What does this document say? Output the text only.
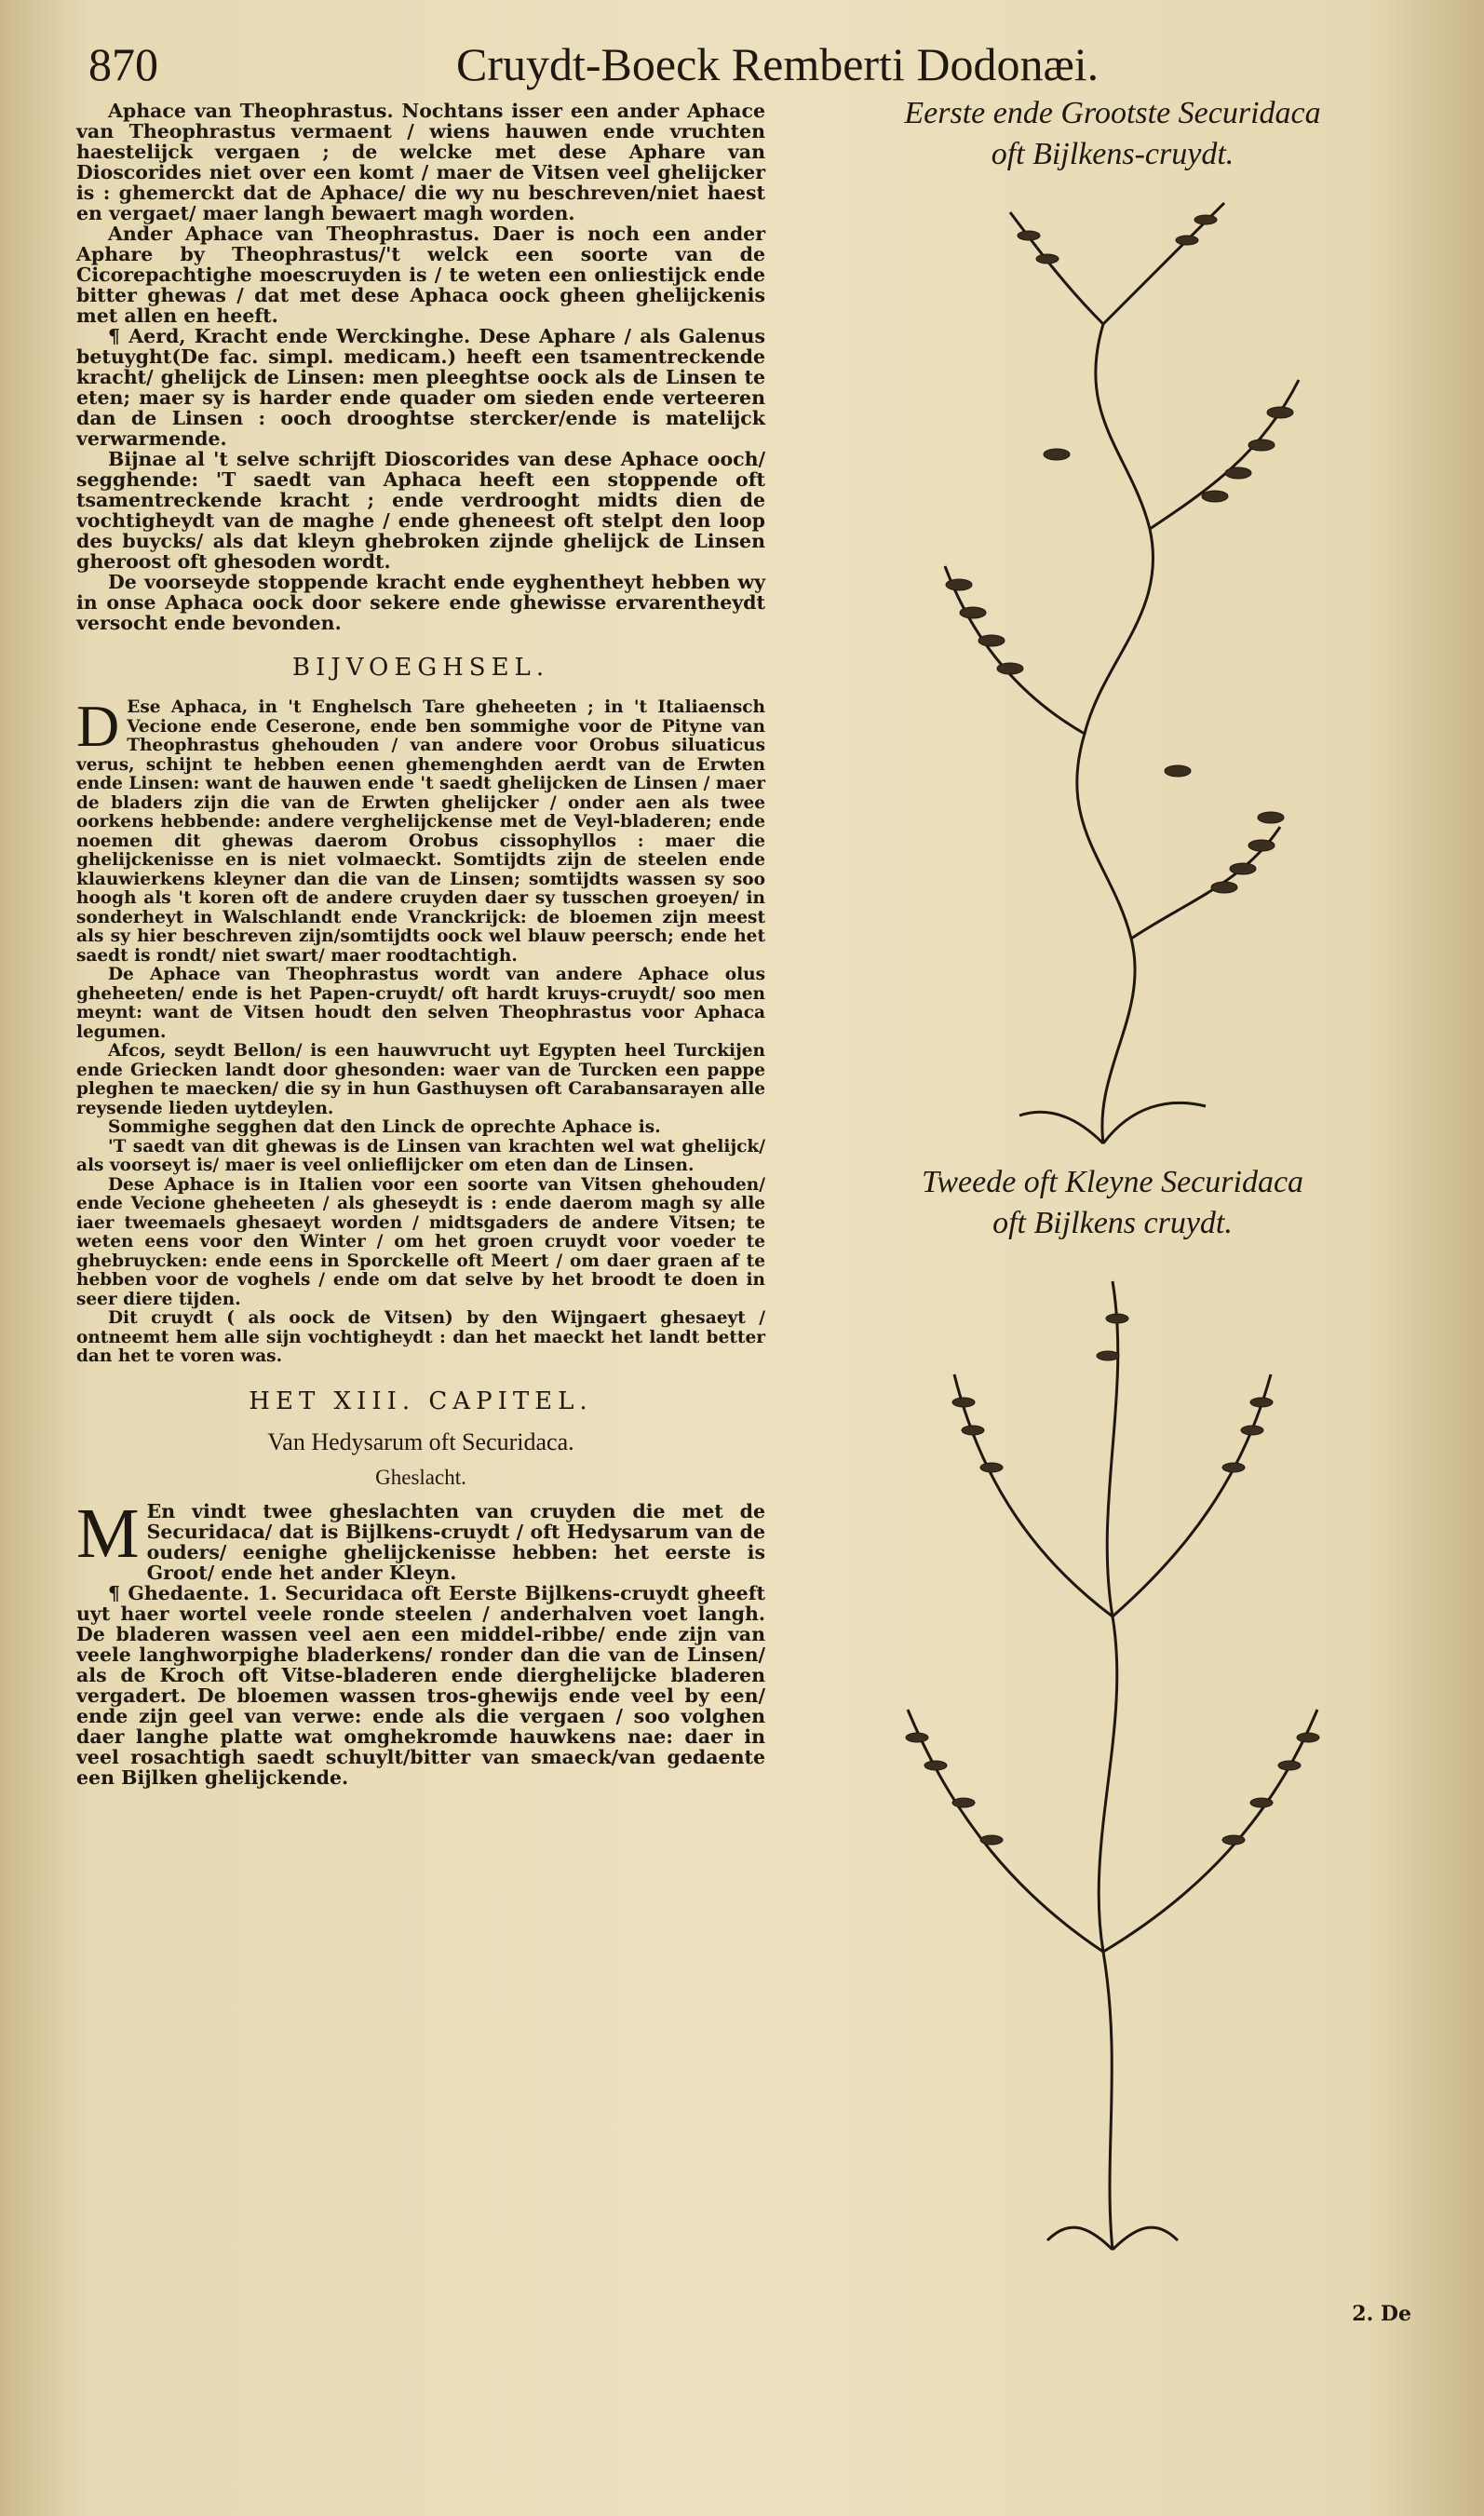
870	Cruydt-Boeck Remberti Dodonæi.

Aphace van Theophrastus. Nochtans isser een ander Aphace van Theophrastus vermaent / wiens hauwen ende vruchten haestelijck vergaen ; de welcke met dese Aphare van Dioscorides niet over een komt / maer de Vitsen veel ghelijcker is : ghemerckt dat de Aphace/ die wy nu beschreven/niet haest en vergaet/ maer langh bewaert magh worden.

Ander Aphace van Theophrastus. Daer is noch een ander Aphare by Theophrastus/'t welck een soorte van de Cicorepachtighe moescruyden is / te weten een onliestijck ende bitter ghewas / dat met dese Aphaca oock gheen ghelijckenis met allen en heeft.

¶ Aerd, Kracht ende Werckinghe. Dese Aphare / als Galenus betuyght(De fac. simpl. medicam.) heeft een tsamentreckende kracht/ ghelijck de Linsen: men pleeghtse oock als de Linsen te eten; maer sy is harder ende quader om sieden ende verteeren dan de Linsen : ooch drooghtse stercker/ende is matelijck verwarmende.

Bijnae al 't selve schrijft Dioscorides van dese Aphace ooch/ segghende: 'T saedt van Aphaca heeft een stoppende oft tsamentreckende kracht ; ende verdrooght midts dien de vochtigheydt van de maghe / ende gheneest oft stelpt den loop des buycks/ als dat kleyn ghebroken zijnde ghelijck de Linsen gheroost oft ghesoden wordt.

De voorseyde stoppende kracht ende eyghentheyt hebben wy in onse Aphaca oock door sekere ende ghewisse ervarentheydt versocht ende bevonden.

BIJVOEGHSEL.
D Ese Aphaca, in 't Enghelsch Tare gheheeten ; in 't Italiaensch Vecione ende Ceserone, ende ben sommighe voor de Pityne van Theophrastus ghehouden / van andere voor Orobus siluaticus verus, schijnt te hebben eenen ghemenghden aerdt van de Erwten ende Linsen: want de hauwen ende 't saedt ghelijcken de Linsen / maer de bladers zijn die van de Erwten ghelijcker / onder aen als twee oorkens hebbende: andere verghelijckense met de Veyl-bladeren; ende noemen dit ghewas daerom Orobus cissophyllos : maer die ghelijckenisse en is niet volmaeckt. Somtijdts zijn de steelen ende klauwierkens kleyner dan die van de Linsen; somtijdts wassen sy soo hoogh als 't koren oft de andere cruyden daer sy tusschen groeyen/ in sonderheyt in Walschlandt ende Vranckrijck: de bloemen zijn meest als sy hier beschreven zijn/somtijdts oock wel blauw peersch; ende het saedt is rondt/ niet swart/ maer roodtachtigh.

De Aphace van Theophrastus wordt van andere Aphace olus gheheeten/ ende is het Papen-cruydt/ oft hardt kruys-cruydt/ soo men meynt: want de Vitsen houdt den selven Theophrastus voor Aphaca legumen.

Afcos, seydt Bellon/ is een hauwvrucht uyt Egypten heel Turckijen ende Griecken landt door ghesonden: waer van de Turcken een pappe pleghen te maecken/ die sy in hun Gasthuysen oft Carabansarayen alle reysende lieden uytdeylen.

Sommighe segghen dat den Linck de oprechte Aphace is.

'T saedt van dit ghewas is de Linsen van krachten wel wat ghelijck/ als voorseyt is/ maer is veel onlieflijcker om eten dan de Linsen.

Dese Aphace is in Italien voor een soorte van Vitsen ghehouden/ ende Vecione gheheeten / als gheseydt is : ende daerom magh sy alle iaer tweemaels ghesaeyt worden / midtsgaders de andere Vitsen; te weten eens voor den Winter / om het groen cruydt voor voeder te ghebruycken: ende eens in Sporckelle oft Meert / om daer graen af te hebben voor de voghels / ende om dat selve by het broodt te doen in seer dierе tijden.

Dit cruydt ( als oock de Vitsen) by den Wijngaert ghesaeyt / ontneemt hem alle sijn vochtigheydt : dan het maeckt het landt better dan het te voren was.

HET XIII. CAPITEL.
Van Hedysarum oft Securidaca.
Gheslacht.
M En vindt twee gheslachten van cruyden die met de Securidaca/ dat is Bijlkens-cruydt / oft Hedysarum van de ouders/ eenighe ghelijckenisse hebben: het eerste is Groot/ ende het ander Kleyn.

¶ Ghedaente. 1. Securidaca oft Eerste Bijlkens-cruydt gheeft uyt haer wortel veele ronde steelen / anderhalven voet langh. De bladeren wassen veel aen een middel-ribbe/ ende zijn van veele langhworpighe bladerkens/ ronder dan die van de Linsen/ als de Kroch oft Vitse-bladeren ende dierghelijcke bladeren vergadert. De bloemen wassen tros-ghewijs ende veel by een/ ende zijn geel van verwe: ende als die vergaen / soo volghen daer langhe platte wat omghekromde hauwkens nae: daer in veel rosachtigh saedt schuylt/bitter van smaeck/van gedaente een Bijlken ghelijckende.

Eerste ende Grootste Securidaca
oft Bijlkens-cruydt.
Tweede oft Kleyne Securidaca
oft Bijlkens cruydt.
2. De
